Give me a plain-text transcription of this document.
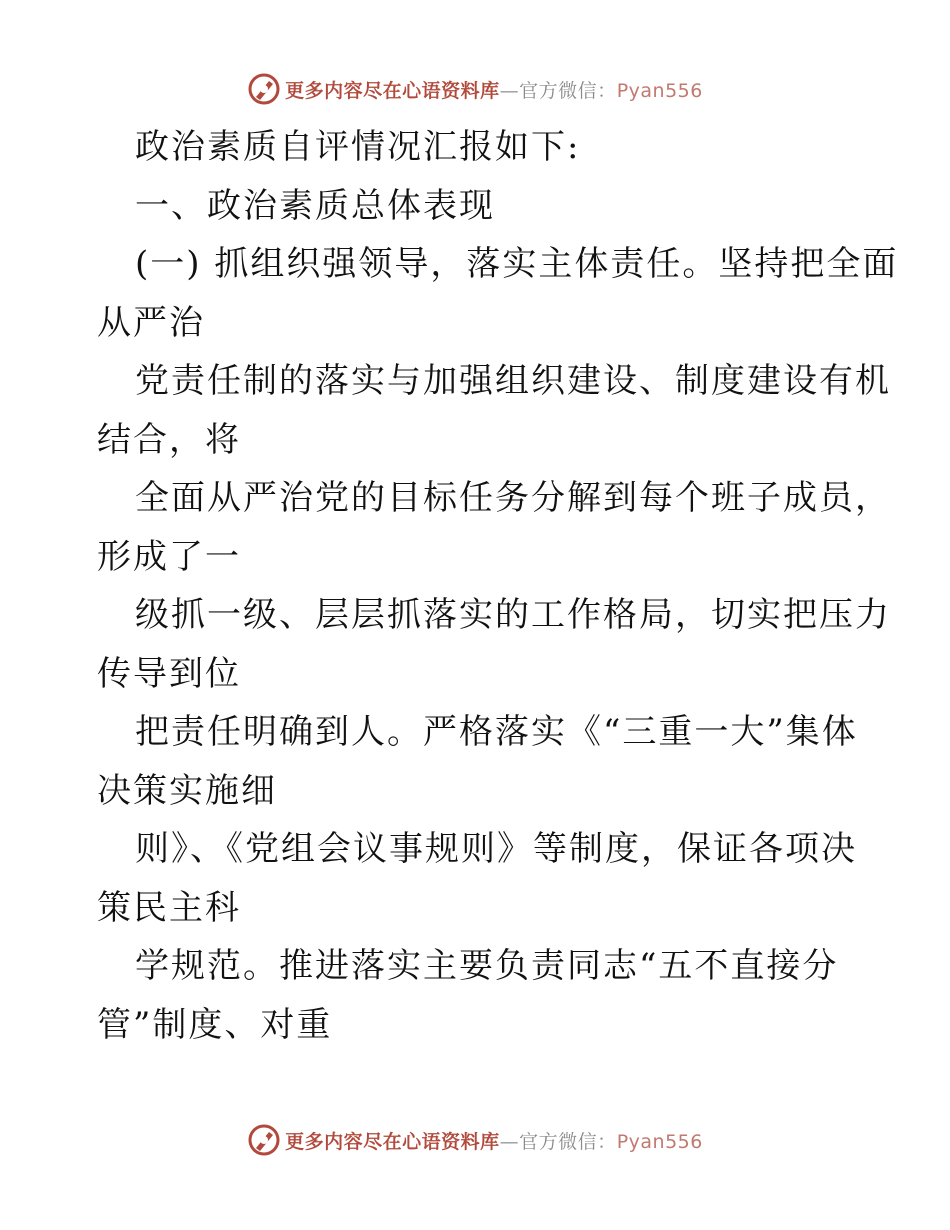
更多内容尽在心语资料库—官方微信：Pyan556
政治素质自评情况汇报如下:
一、政治素质总体表现
(一) 抓组织强领导，落实主体责任。坚持把全面
从严治
党责任制的落实与加强组织建设、制度建设有机
结合，将
全面从严治党的目标任务分解到每个班子成员，
形成了一
级抓一级、层层抓落实的工作格局，切实把压力
传导到位
把责任明确到人。严格落实《“三重一大”集体
决策实施细
则》、《党组会议事规则》等制度，保证各项决
策民主科
学规范。推进落实主要负责同志“五不直接分
管”制度、对重
更多内容尽在心语资料库—官方微信：Pyan556
